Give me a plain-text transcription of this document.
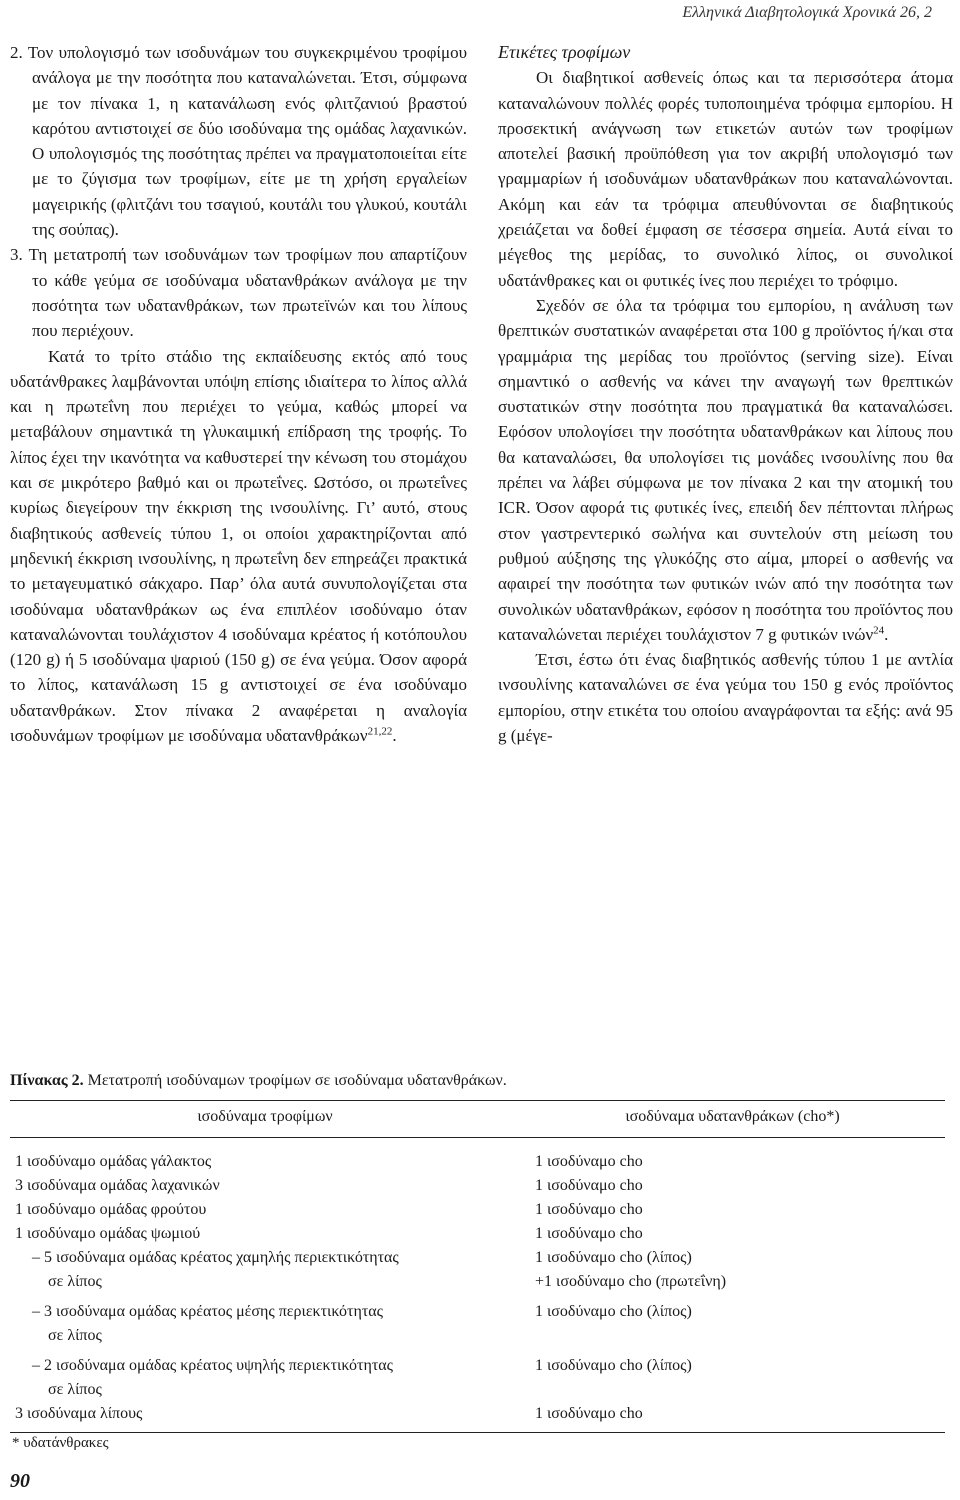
Ελληνικά Διαβητολογικά Χρονικά 26, 2

2. Τον υπολογισμό των ισοδυνάμων του συγκεκριμένου τροφίμου ανάλογα με την ποσότητα που καταναλώνεται. Έτσι, σύμφωνα με τον πίνακα 1, η κατανάλωση ενός φλιτζανιού βραστού καρότου αντιστοιχεί σε δύο ισοδύναμα της ομάδας λαχανικών. Ο υπολογισμός της ποσότητας πρέπει να πραγματοποιείται είτε με το ζύγισμα των τροφίμων, είτε με τη χρήση εργαλείων μαγειρικής (φλιτζάνι του τσαγιού, κουτάλι του γλυκού, κουτάλι της σούπας).

3. Τη μετατροπή των ισοδυνάμων των τροφίμων που απαρτίζουν το κάθε γεύμα σε ισοδύναμα υδατανθράκων ανάλογα με την ποσότητα των υδατανθράκων, των πρωτεϊνών και του λίπους που περιέχουν.

Κατά το τρίτο στάδιο της εκπαίδευσης εκτός από τους υδατάνθρακες λαμβάνονται υπόψη επίσης ιδιαίτερα το λίπος αλλά και η πρωτεΐνη που περιέχει το γεύμα, καθώς μπορεί να μεταβάλουν σημαντικά τη γλυκαιμική επίδραση της τροφής. Το λίπος έχει την ικανότητα να καθυστερεί την κένωση του στομάχου και σε μικρότερο βαθμό και οι πρωτεΐνες. Ωστόσο, οι πρωτεΐνες κυρίως διεγείρουν την έκκριση της ινσουλίνης. Γι’ αυτό, στους διαβητικούς ασθενείς τύπου 1, οι οποίοι χαρακτηρίζονται από μηδενική έκκριση ινσουλίνης, η πρωτεΐνη δεν επηρεάζει πρακτικά το μεταγευματικό σάκχαρο. Παρ’ όλα αυτά συνυπολογίζεται στα ισοδύναμα υδατανθράκων ως ένα επιπλέον ισοδύναμο όταν καταναλώνονται τουλάχιστον 4 ισοδύναμα κρέατος ή κοτόπουλου (120 g) ή 5 ισοδύναμα ψαριού (150 g) σε ένα γεύμα. Όσον αφορά το λίπος, κατανάλωση 15 g αντιστοιχεί σε ένα ισοδύναμο υδατανθράκων. Στον πίνακα 2 αναφέρεται η αναλογία ισοδυνάμων τροφίμων με ισοδύναμα υδατανθράκων$^{21,22}$.

Ετικέτες τροφίμων

Οι διαβητικοί ασθενείς όπως και τα περισσότερα άτομα καταναλώνουν πολλές φορές τυποποιημένα τρόφιμα εμπορίου. Η προσεκτική ανάγνωση των ετικετών αυτών των τροφίμων αποτελεί βασική προϋπόθεση για τον ακριβή υπολογισμό των γραμμαρίων ή ισοδυνάμων υδατανθράκων που καταναλώνονται. Ακόμη και εάν τα τρόφιμα απευθύνονται σε διαβητικούς χρειάζεται να δοθεί έμφαση σε τέσσερα σημεία. Αυτά είναι το μέγεθος της μερίδας, το συνολικό λίπος, οι συνολικοί υδατάνθρακες και οι φυτικές ίνες που περιέχει το τρόφιμο.

Σχεδόν σε όλα τα τρόφιμα του εμπορίου, η ανάλυση των θρεπτικών συστατικών αναφέρεται στα 100 g προϊόντος ή/και στα γραμμάρια της μερίδας του προϊόντος (serving size). Είναι σημαντικό ο ασθενής να κάνει την αναγωγή των θρεπτικών συστατικών στην ποσότητα που πραγματικά θα καταναλώσει. Εφόσον υπολογίσει την ποσότητα υδατανθράκων και λίπους που θα καταναλώσει, θα υπολογίσει τις μονάδες ινσουλίνης που θα πρέπει να λάβει σύμφωνα με τον πίνακα 2 και την ατομική του ICR. Όσον αφορά τις φυτικές ίνες, επειδή δεν πέπτονται πλήρως στον γαστρεντερικό σωλήνα και συντελούν στη μείωση του ρυθμού αύξησης της γλυκόζης στο αίμα, μπορεί ο ασθενής να αφαιρεί την ποσότητα των φυτικών ινών από την ποσότητα των συνολικών υδατανθράκων, εφόσον η ποσότητα του προϊόντος που καταναλώνεται περιέχει τουλάχιστον 7 g φυτικών ινών$^{24}$.

Έτσι, έστω ότι ένας διαβητικός ασθενής τύπου 1 με αντλία ινσουλίνης καταναλώνει σε ένα γεύμα του 150 g ενός προϊόντος εμπορίου, στην ετικέτα του οποίου αναγράφονται τα εξής: ανά 95 g (μέγε-

Πίνακας 2. Μετατροπή ισοδύναμων τροφίμων σε ισοδύναμα υδατανθράκων.
ισοδύναμα τροφίμων	ισοδύναμα υδατανθράκων (cho*)
1 ισοδύναμο ομάδας γάλακτος	1 ισοδύναμο cho
3 ισοδύναμα ομάδας λαχανικών	1 ισοδύναμο cho
1 ισοδύναμο ομάδας φρούτου	1 ισοδύναμο cho
1 ισοδύναμο ομάδας ψωμιού	1 ισοδύναμο cho
– 5 ισοδύναμα ομάδας κρέατος χαμηλής περιεκτικότητας	1 ισοδύναμο cho (λίπος)
σε λίπος	+1 ισοδύναμο cho (πρωτεΐνη)
– 3 ισοδύναμα ομάδας κρέατος μέσης περιεκτικότητας	1 ισοδύναμο cho (λίπος)
σε λίπος
– 2 ισοδύναμα ομάδας κρέατος υψηλής περιεκτικότητας	1 ισοδύναμο cho (λίπος)
σε λίπος
3 ισοδύναμα λίπους	1 ισοδύναμο cho
* υδατάνθρακες
90
